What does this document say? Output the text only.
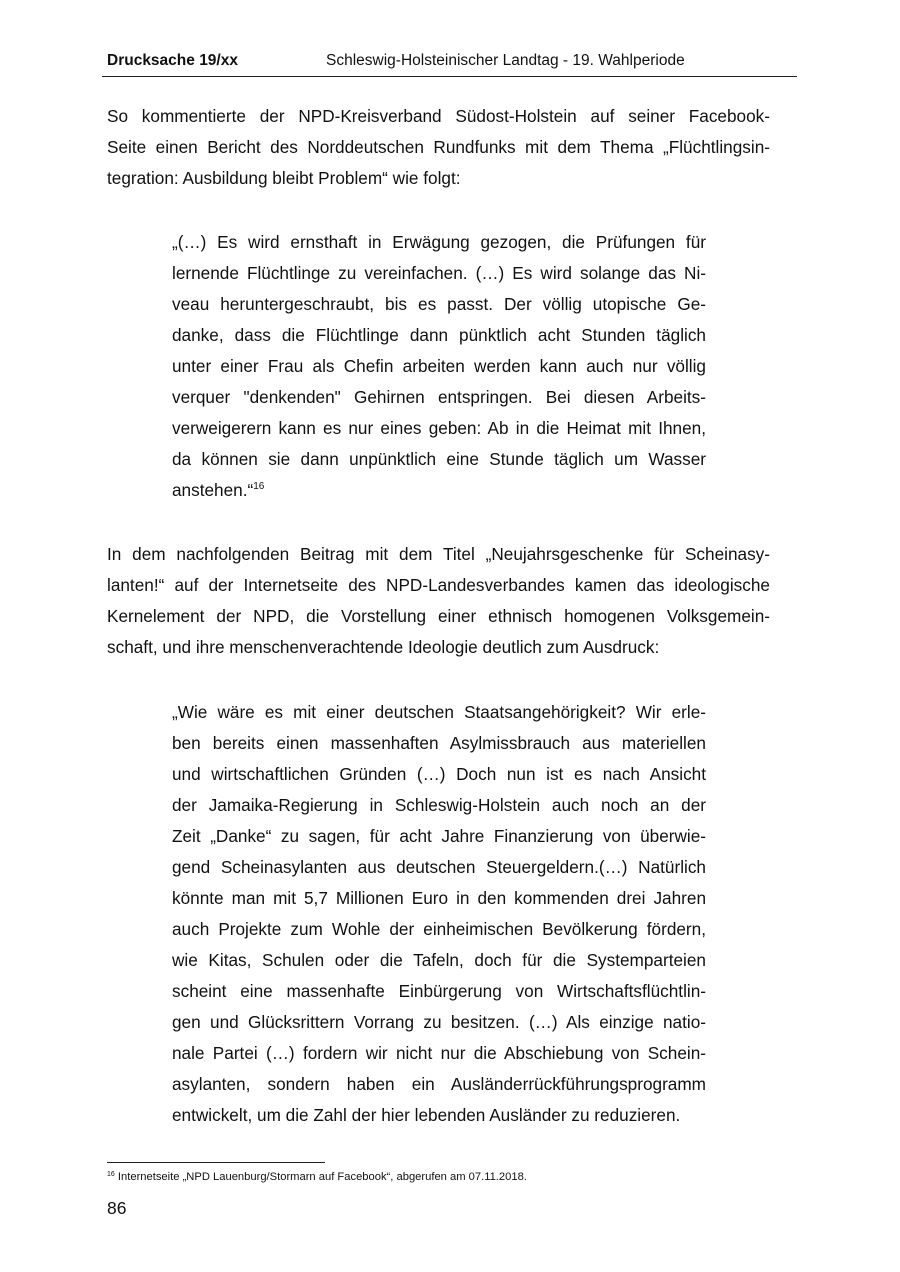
Drucksache 19/xx	Schleswig-Holsteinischer Landtag - 19. Wahlperiode
So kommentierte der NPD-Kreisverband Südost-Holstein auf seiner Facebook-
Seite einen Bericht des Norddeutschen Rundfunks mit dem Thema „Flüchtlingsin-
tegration: Ausbildung bleibt Problem“ wie folgt:
„(…) Es wird ernsthaft in Erwägung gezogen, die Prüfungen für
lernende Flüchtlinge zu vereinfachen. (…) Es wird solange das Ni-
veau heruntergeschraubt, bis es passt. Der völlig utopische Ge-
danke, dass die Flüchtlinge dann pünktlich acht Stunden täglich
unter einer Frau als Chefin arbeiten werden kann auch nur völlig
verquer "denkenden" Gehirnen entspringen. Bei diesen Arbeits-
verweigerern kann es nur eines geben: Ab in die Heimat mit Ihnen,
da können sie dann unpünktlich eine Stunde täglich um Wasser
anstehen.“$^{16}$
In dem nachfolgenden Beitrag mit dem Titel „Neujahrsgeschenke für Scheinasy-
lanten!“ auf der Internetseite des NPD-Landesverbandes kamen das ideologische
Kernelement der NPD, die Vorstellung einer ethnisch homogenen Volksgemein-
schaft, und ihre menschenverachtende Ideologie deutlich zum Ausdruck:
„Wie wäre es mit einer deutschen Staatsangehörigkeit? Wir erle-
ben bereits einen massenhaften Asylmissbrauch aus materiellen
und wirtschaftlichen Gründen (…) Doch nun ist es nach Ansicht
der Jamaika-Regierung in Schleswig-Holstein auch noch an der
Zeit „Danke“ zu sagen, für acht Jahre Finanzierung von überwie-
gend Scheinasylanten aus deutschen Steuergeldern.(…) Natürlich
könnte man mit 5,7 Millionen Euro in den kommenden drei Jahren
auch Projekte zum Wohle der einheimischen Bevölkerung fördern,
wie Kitas, Schulen oder die Tafeln, doch für die Systemparteien
scheint eine massenhafte Einbürgerung von Wirtschaftsflüchtlin-
gen und Glücksrittern Vorrang zu besitzen. (…) Als einzige natio-
nale Partei (…) fordern wir nicht nur die Abschiebung von Schein-
asylanten, sondern haben ein Ausländerrückführungsprogramm
entwickelt, um die Zahl der hier lebenden Ausländer zu reduzieren.
$^{16}$ Internetseite „NPD Lauenburg/Stormarn auf Facebook“, abgerufen am 07.11.2018.
86
